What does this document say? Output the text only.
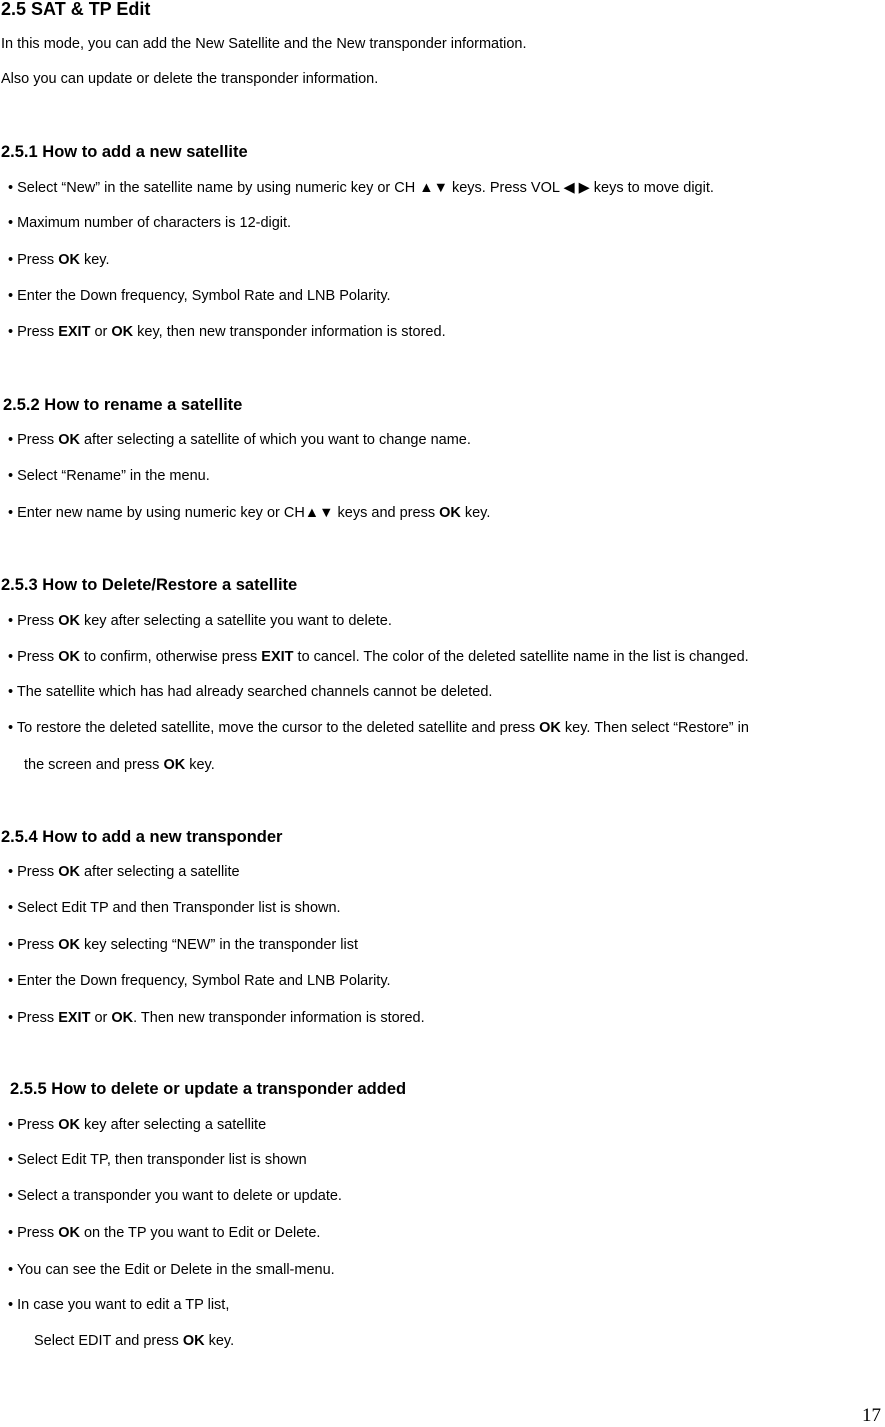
2.5 SAT & TP Edit
In this mode, you can add the New Satellite and the New transponder information.
Also you can update or delete the transponder information.
2.5.1 How to add a new satellite
• Select “New” in the satellite name by using numeric key or CH ▲▼ keys. Press VOL ◀ ▶ keys to move digit.
• Maximum number of characters is 12-digit.
• Press OK key.
• Enter the Down frequency, Symbol Rate and LNB Polarity.
• Press EXIT or OK key, then new transponder information is stored.
2.5.2 How to rename a satellite
• Press OK after selecting a satellite of which you want to change name.
• Select “Rename” in the menu.
• Enter new name by using numeric key or CH▲▼ keys and press OK key.
2.5.3 How to Delete/Restore a satellite
• Press OK key after selecting a satellite you want to delete.
• Press OK to confirm, otherwise press EXIT to cancel. The color of the deleted satellite name in the list is changed.
• The satellite which has had already searched channels cannot be deleted.
• To restore the deleted satellite, move the cursor to the deleted satellite and press OK key. Then select “Restore” in
the screen and press OK key.
2.5.4 How to add a new transponder
• Press OK after selecting a satellite
• Select Edit TP and then Transponder list is shown.
• Press OK key selecting “NEW” in the transponder list
• Enter the Down frequency, Symbol Rate and LNB Polarity.
• Press EXIT or OK. Then new transponder information is stored.
2.5.5 How to delete or update a transponder added
• Press OK key after selecting a satellite
• Select Edit TP, then transponder list is shown
• Select a transponder you want to delete or update.
• Press OK on the TP you want to Edit or Delete.
• You can see the Edit or Delete in the small-menu.
• In case you want to edit a TP list,
Select EDIT and press OK key.
17
